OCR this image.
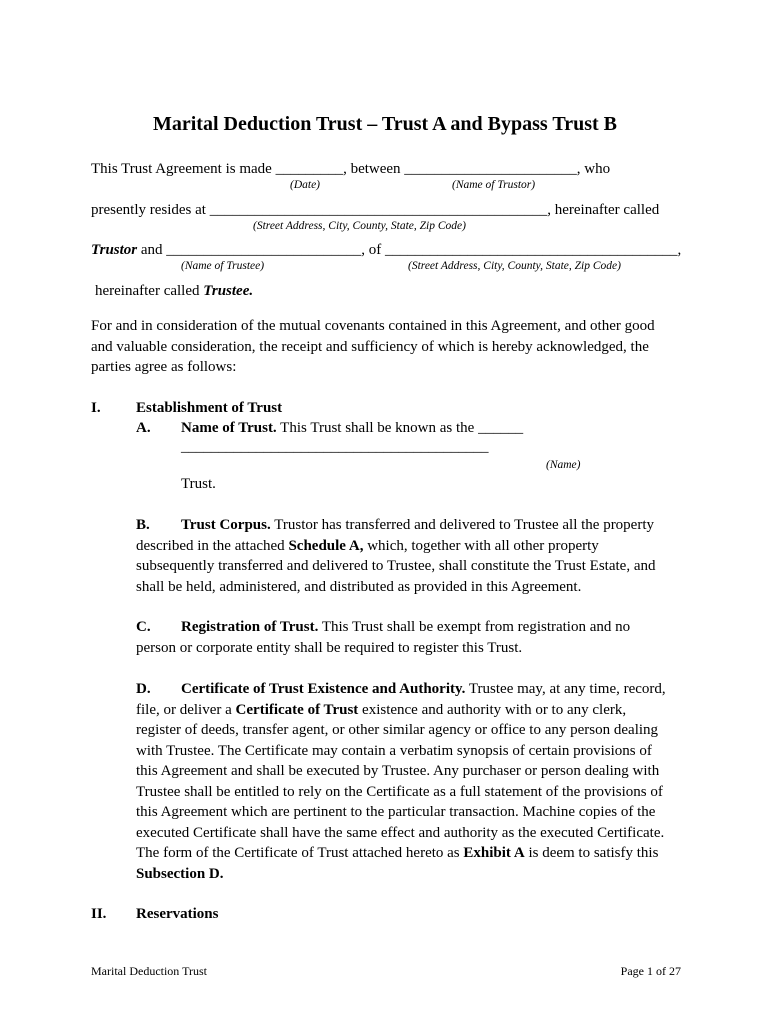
Marital Deduction Trust – Trust A and Bypass Trust B
This Trust Agreement is made _________, between _______________________, who
(Date)	(Name of Trustor)
presently resides at _____________________________________________, hereinafter called
(Street Address, City, County, State, Zip Code)
Trustor and __________________________, of _______________________________________,
(Name of Trustee)	(Street Address, City, County, State, Zip Code)
hereinafter called Trustee.
For and in consideration of the mutual covenants contained in this Agreement, and other good
and valuable consideration, the receipt and sufficiency of which is hereby acknowledged, the
parties agree as follows:
I. Establishment of Trust
A. Name of Trust. This Trust shall be known as the ______
_________________________________________
(Name)
Trust.
B. Trust Corpus. Trustor has transferred and delivered to Trustee all the property
described in the attached Schedule A, which, together with all other property
subsequently transferred and delivered to Trustee, shall constitute the Trust Estate, and
shall be held, administered, and distributed as provided in this Agreement.
C. Registration of Trust. This Trust shall be exempt from registration and no
person or corporate entity shall be required to register this Trust.
D. Certificate of Trust Existence and Authority. Trustee may, at any time, record,
file, or deliver a Certificate of Trust existence and authority with or to any clerk,
register of deeds, transfer agent, or other similar agency or office to any person dealing
with Trustee. The Certificate may contain a verbatim synopsis of certain provisions of
this Agreement and shall be executed by Trustee. Any purchaser or person dealing with
Trustee shall be entitled to rely on the Certificate as a full statement of the provisions of
this Agreement which are pertinent to the particular transaction. Machine copies of the
executed Certificate shall have the same effect and authority as the executed Certificate.
The form of the Certificate of Trust attached hereto as Exhibit A is deem to satisfy this
Subsection D.
II. Reservations
Marital Deduction Trust	Page 1 of 27
